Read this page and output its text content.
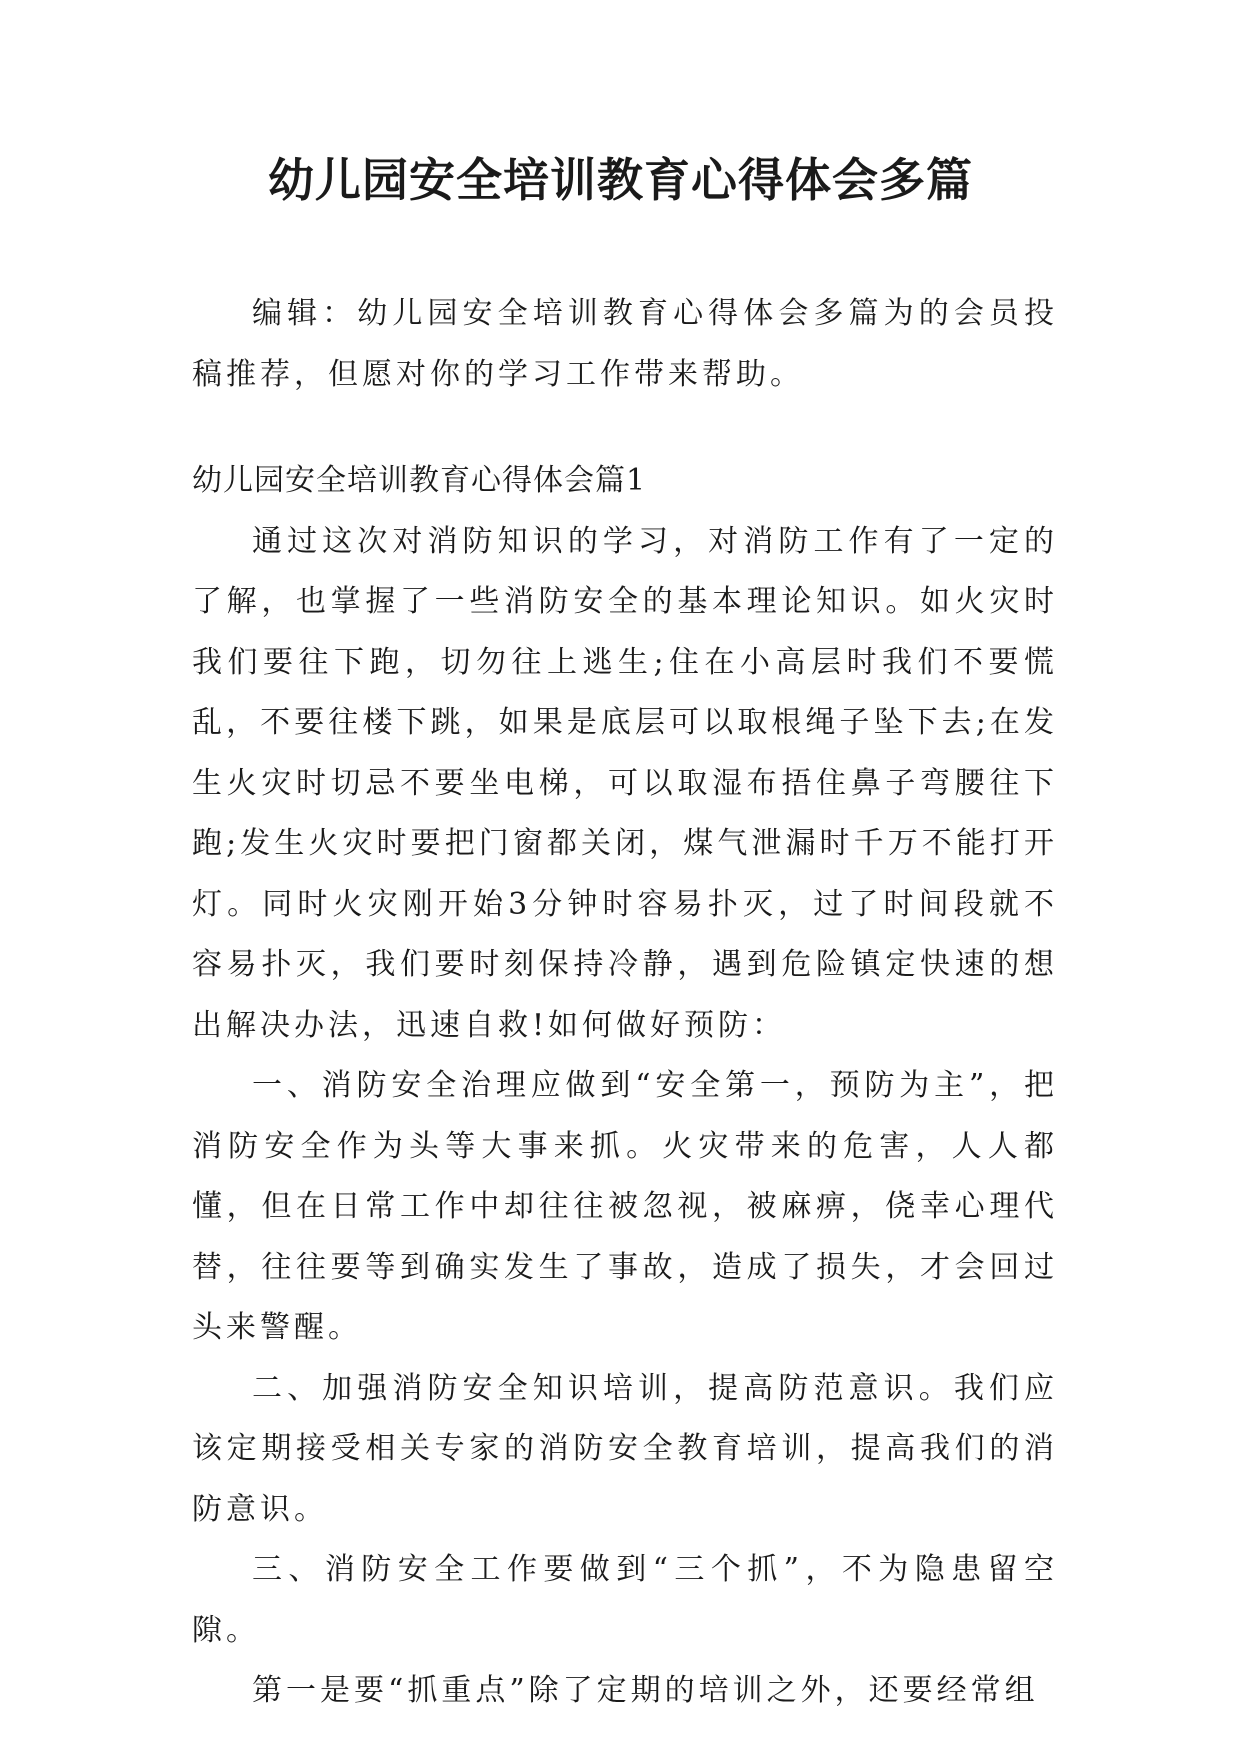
幼儿园安全培训教育心得体会多篇

编辑：幼儿园安全培训教育心得体会多篇为的会员投稿推荐，但愿对你的学习工作带来帮助。

幼儿园安全培训教育心得体会篇1

通过这次对消防知识的学习，对消防工作有了一定的了解，也掌握了一些消防安全的基本理论知识。如火灾时我们要往下跑，切勿往上逃生;住在小高层时我们不要慌乱，不要往楼下跳，如果是底层可以取根绳子坠下去;在发生火灾时切忌不要坐电梯，可以取湿布捂住鼻子弯腰往下跑;发生火灾时要把门窗都关闭，煤气泄漏时千万不能打开灯。同时火灾刚开始3分钟时容易扑灭，过了时间段就不容易扑灭，我们要时刻保持冷静，遇到危险镇定快速的想出解决办法，迅速自救!如何做好预防：

一、消防安全治理应做到“安全第一，预防为主”，把消防安全作为头等大事来抓。火灾带来的危害，人人都懂，但在日常工作中却往往被忽视，被麻痹，侥幸心理代替，往往要等到确实发生了事故，造成了损失，才会回过头来警醒。

二、加强消防安全知识培训，提高防范意识。我们应该定期接受相关专家的消防安全教育培训，提高我们的消防意识。

三、消防安全工作要做到“三个抓”，不为隐患留空隙。

第一是要“抓重点”除了定期的培训之外，还要经常组
